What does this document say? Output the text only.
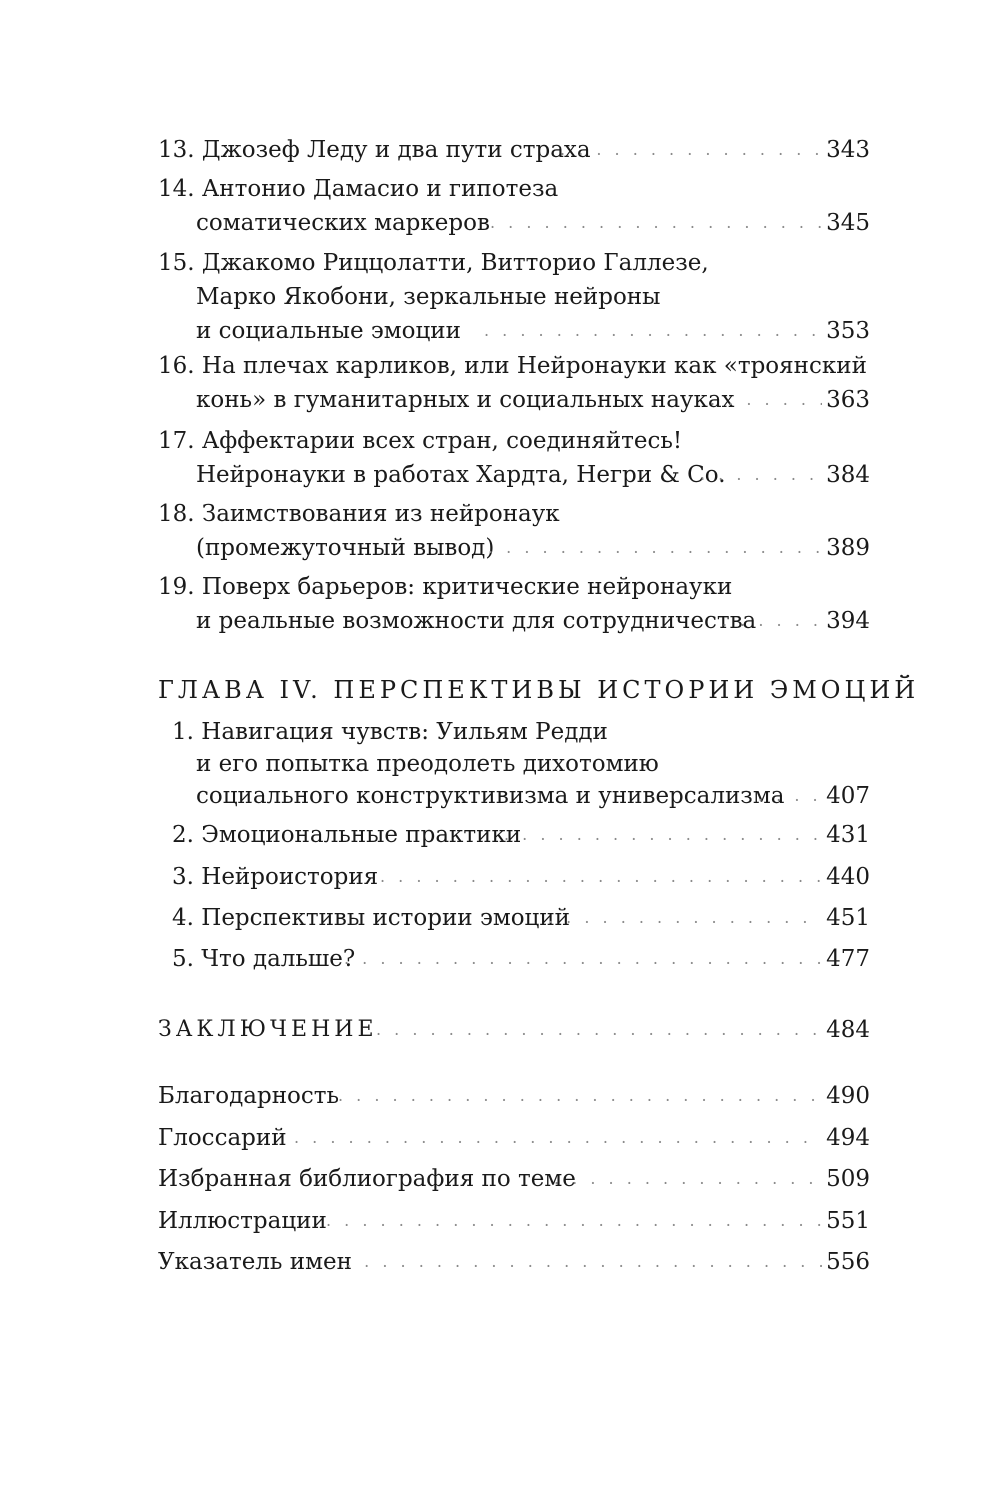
13. Джозеф Леду и два пути страха . . .	343
14. Антонио Дамасио и гипотеза
соматических маркеров . . .	345
15. Джакомо Риццолатти, Витторио Галлезе,
Марко Якобони, зеркальные нейроны
и социальные эмоции . . .	353
16. На плечах карликов, или Нейронауки как «троянский
конь» в гуманитарных и социальных науках . . .	363
17. Аффектарии всех стран, соединяйтесь!
Нейронауки в работах Хардта, Негри & Co. . . .	384
18. Заимствования из нейронаук
(промежуточный вывод) . . .	389
19. Поверх барьеров: критические нейронауки
и реальные возможности для сотрудничества . . .	394
ГЛАВА IV. ПЕРСПЕКТИВЫ ИСТОРИИ ЭМОЦИЙ
1. Навигация чувств: Уильям Редди
и его попытка преодолеть дихотомию
социального конструктивизма и универсализма . . . 407
2. Эмоциональные практики . . .	431
3. Нейроистория . . .	440
4. Перспективы истории эмоций . . .	451
5. Что дальше? . . .	477
ЗАКЛЮЧЕНИЕ . . .	484
Благодарность . . .	490
Глоссарий . . .	494
Избранная библиография по теме . . .	509
Иллюстрации . . .	551
Указатель имен . . .	556
